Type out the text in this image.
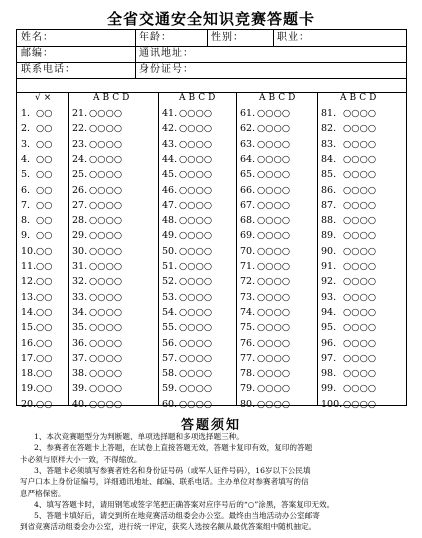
全省交通安全知识竞赛答题卡
姓名：	年龄：	性别：	职业：
邮编：	通讯地址：
联系电话：	身份证号：
√×
1. ○○
2. ○○
3. ○○
4. ○○
5. ○○
6. ○○
7. ○○
8. ○○
9. ○○
10.○○
11.○○
12.○○
13.○○
14.○○
15.○○
16.○○
17.○○
18.○○
19.○○
20.○○
ABCD
21. ○○○○
22. ○○○○
23. ○○○○
24. ○○○○
25. ○○○○
26. ○○○○
27. ○○○○
28. ○○○○
29. ○○○○
30. ○○○○
31. ○○○○
32. ○○○○
33. ○○○○
34. ○○○○
35. ○○○○
36. ○○○○
37. ○○○○
38. ○○○○
39. ○○○○
40. ○○○○
ABCD
41. ○○○○
42. ○○○○
43. ○○○○
44. ○○○○
45. ○○○○
46. ○○○○
47. ○○○○
48. ○○○○
49. ○○○○
50. ○○○○
51. ○○○○
52. ○○○○
53. ○○○○
54. ○○○○
55. ○○○○
56. ○○○○
57. ○○○○
58. ○○○○
59. ○○○○
60. ○○○○
ABCD
61. ○○○○
62. ○○○○
63. ○○○○
64. ○○○○
65. ○○○○
66. ○○○○
67. ○○○○
68. ○○○○
69. ○○○○
70. ○○○○
71. ○○○○
72. ○○○○
73. ○○○○
74. ○○○○
75. ○○○○
76. ○○○○
77. ○○○○
78. ○○○○
79. ○○○○
80. ○○○○
ABCD
81. ○○○○
82. ○○○○
83. ○○○○
84. ○○○○
85. ○○○○
86. ○○○○
87. ○○○○
88. ○○○○
89. ○○○○
90. ○○○○
91. ○○○○
92. ○○○○
93. ○○○○
94. ○○○○
95. ○○○○
96. ○○○○
97. ○○○○
98. ○○○○
99. ○○○○
100.○○○○
答题须知
1、本次竞赛题型分为判断题、单项选择题和多项选择题三种。
2、参赛者在答题卡上答题，在试卷上直接答题无效，答题卡复印有效，复印的答题
卡必须与原样大小一致，不得缩放。
3、答题卡必须填写参赛者姓名和身份证号码（或军人证件号码），16岁以下公民填
写户口本上身份证编号，详细通讯地址、邮编、联系电话。主办单位对参赛者填写的信
息严格保密。
4、填写答题卡时，请用钢笔或签字笔把正确答案对应序号后的“○”涂黑，答案复印无效。
5、答题卡填好后，请交到所在地竞赛活动组委会办公室。最终由当地活动办公室邮寄
到省竞赛活动组委会办公室，进行统一评定，获奖人选按名额从最优答案组中随机抽定。
